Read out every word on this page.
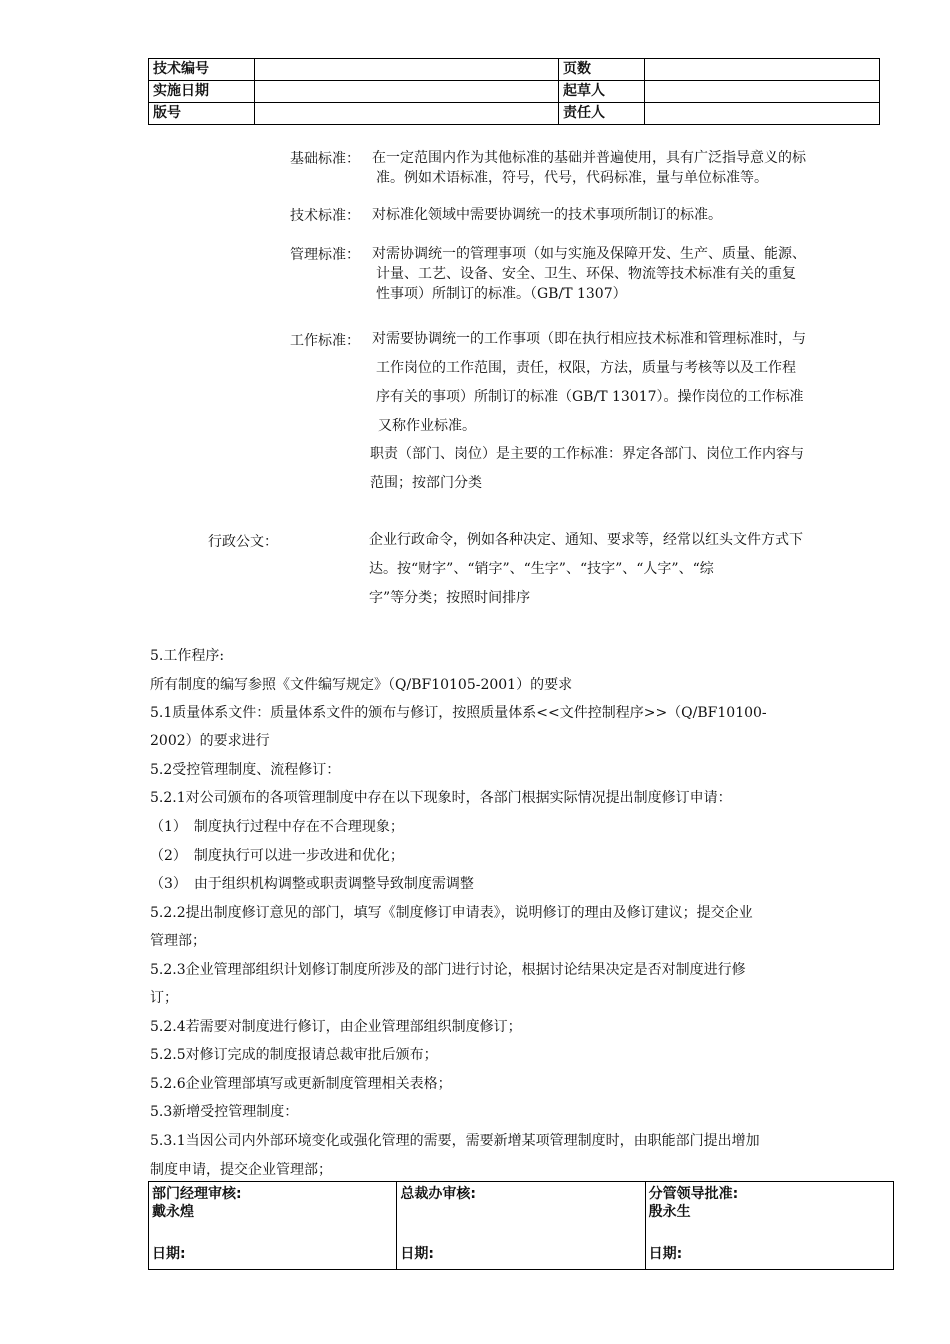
技术编号		页数	
实施日期		起草人	
版号		责任人	
基础标准： 在一定范围内作为其他标准的基础并普遍使用，具有广泛指导意义的标
准。例如术语标准，符号，代号，代码标准，量与单位标准等。
技术标准： 对标准化领域中需要协调统一的技术事项所制订的标准。
管理标准： 对需协调统一的管理事项（如与实施及保障开发、生产、质量、能源、
计量、工艺、设备、安全、卫生、环保、物流等技术标准有关的重复
性事项）所制订的标准。（GB/T 1307）
工作标准： 对需要协调统一的工作事项（即在执行相应技术标准和管理标准时，与
工作岗位的工作范围，责任，权限，方法，质量与考核等以及工作程
序有关的事项）所制订的标准（GB/T 13017）。操作岗位的工作标准
又称作业标准。
职责（部门、岗位）是主要的工作标准：界定各部门、岗位工作内容与
范围；按部门分类
行政公文：	企业行政命令，例如各种决定、通知、要求等，经常以红头文件方式下
达。按“财字”、“销字”、“生字”、“技字”、“人字”、“综
字”等分类；按照时间排序
5.工作程序:
所有制度的编写参照《文件编写规定》（Q/BF10105-2001）的要求
5.1质量体系文件：质量体系文件的颁布与修订，按照质量体系<<文件控制程序>>（Q/BF10100-
2002）的要求进行
5.2受控管理制度、流程修订：
5.2.1对公司颁布的各项管理制度中存在以下现象时，各部门根据实际情况提出制度修订申请：
（1）　制度执行过程中存在不合理现象；
（2）　制度执行可以进一步改进和优化；
（3）　由于组织机构调整或职责调整导致制度需调整
5.2.2提出制度修订意见的部门，填写《制度修订申请表》，说明修订的理由及修订建议；提交企业
管理部；
5.2.3企业管理部组织计划修订制度所涉及的部门进行讨论，根据讨论结果决定是否对制度进行修
订；
5.2.4若需要对制度进行修订，由企业管理部组织制度修订；
5.2.5对修订完成的制度报请总裁审批后颁布；
5.2.6企业管理部填写或更新制度管理相关表格；
5.3新增受控管理制度：
5.3.1当因公司内外部环境变化或强化管理的需要，需要新增某项管理制度时，由职能部门提出增加
制度申请，提交企业管理部；
部门经理审核:
戴永煌
日期:

总裁办审核:
日期:

分管领导批准:
殷永生
日期:
